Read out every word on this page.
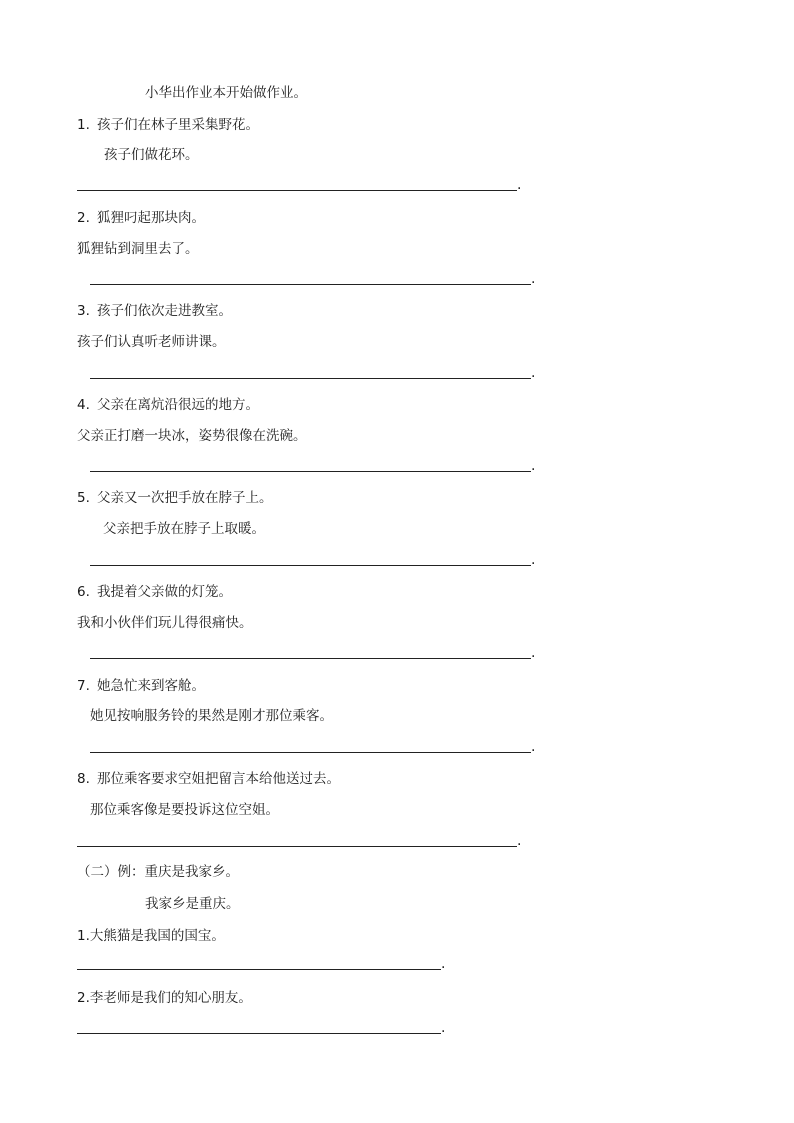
小华出作业本开始做作业。
1. 孩子们在林子里采集野花。
孩子们做花环。
.
2. 狐狸叼起那块肉。
狐狸钻到洞里去了。
.
3. 孩子们依次走进教室。
孩子们认真听老师讲课。
.
4. 父亲在离炕沿很远的地方。
父亲正打磨一块冰，姿势很像在洗碗。
.
5. 父亲又一次把手放在脖子上。
父亲把手放在脖子上取暖。
.
6. 我提着父亲做的灯笼。
我和小伙伴们玩儿得很痛快。
.
7. 她急忙来到客舱。
她见按响服务铃的果然是刚才那位乘客。
.
8. 那位乘客要求空姐把留言本给他送过去。
那位乘客像是要投诉这位空姐。
.
（二）例：重庆是我家乡。
我家乡是重庆。
1.大熊猫是我国的国宝。
.
2.李老师是我们的知心朋友。
.
